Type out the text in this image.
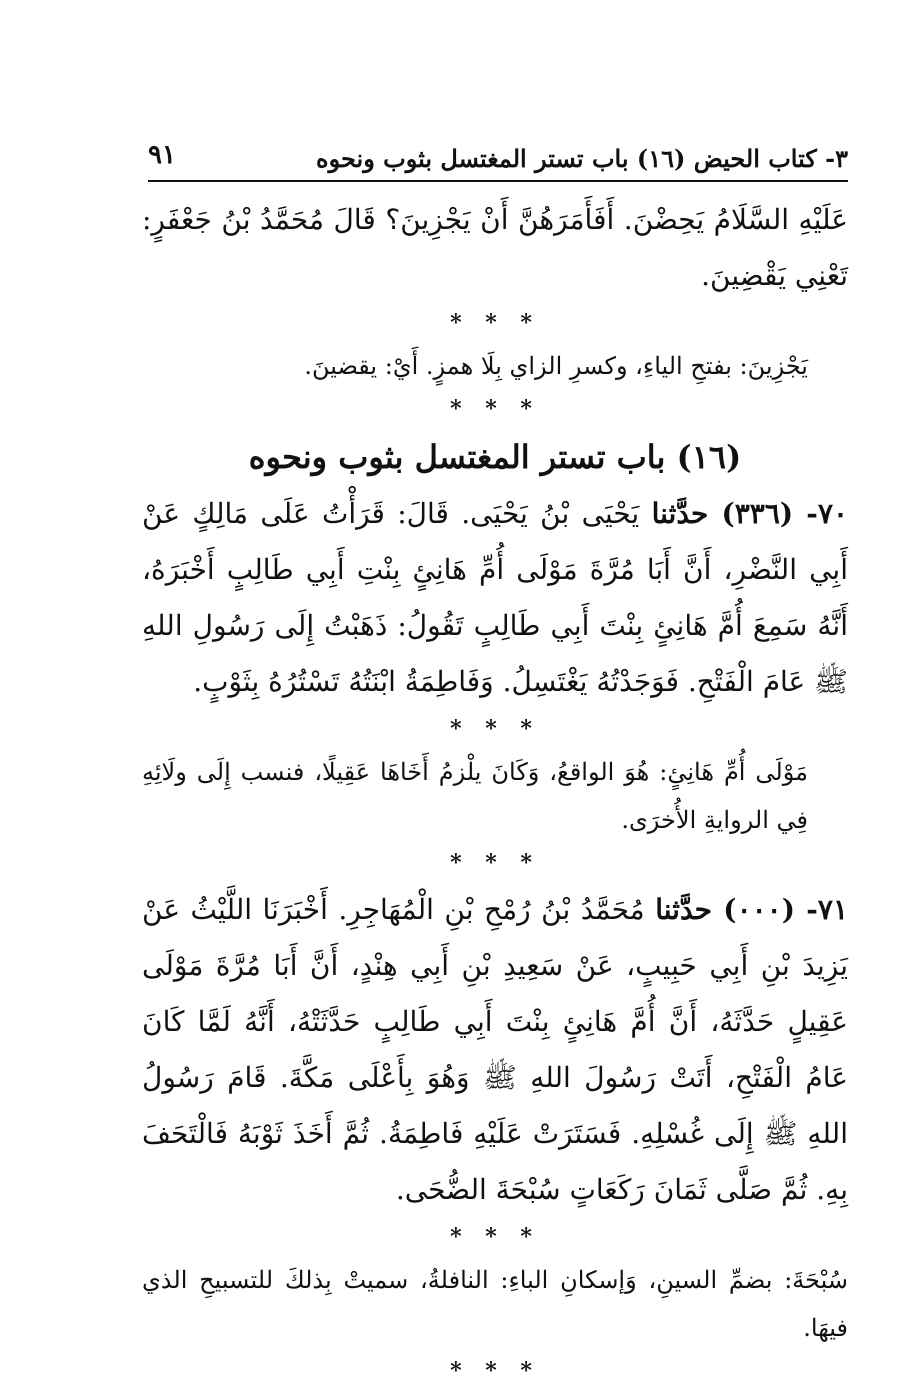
٣- كتاب الحيض (١٦) باب تستر المغتسل بثوب ونحوه
٩١

عَلَيْهِ السَّلَامُ يَحِضْنَ. أَفَأَمَرَهُنَّ أَنْ يَجْزِينَ؟ قَالَ مُحَمَّدُ بْنُ جَعْفَرٍ: تَعْنِي يَقْضِينَ.

* * *

يَجْزِينَ: بفتحِ الياءِ، وكسرِ الزاي بِلَا همزٍ. أَيْ: يقضينَ.

* * *
(١٦) باب تستر المغتسل بثوب ونحوه

٧٠- (٣٣٦) حدَّثنا يَحْيَى بْنُ يَحْيَى. قَالَ: قَرَأْتُ عَلَى مَالِكٍ عَنْ أَبِي النَّضْرِ، أَنَّ أَبَا مُرَّةَ مَوْلَى أُمِّ هَانِئٍ بِنْتِ أَبِي طَالِبٍ أَخْبَرَهُ، أَنَّهُ سَمِعَ أُمَّ هَانِئٍ بِنْتَ أَبِي طَالِبٍ تَقُولُ: ذَهَبْتُ إِلَى رَسُولِ اللهِ ﷺ عَامَ الْفَتْحِ. فَوَجَدْتُهُ يَغْتَسِلُ. وَفَاطِمَةُ ابْنَتُهُ تَسْتُرُهُ بِثَوْبٍ.

* * *

مَوْلَى أُمِّ هَانِئٍ: هُوَ الواقعُ، وَكَانَ يلْزمُ أَخَاهَا عَقِيلًا، فنسب إِلَى ولَائِهِ فِي الروايةِ الأُخرَى.

* * *

٧١- (٠٠٠) حدَّثنا مُحَمَّدُ بْنُ رُمْحِ بْنِ الْمُهَاجِرِ. أَخْبَرَنَا اللَّيْثُ عَنْ يَزِيدَ بْنِ أَبِي حَبِيبٍ، عَنْ سَعِيدِ بْنِ أَبِي هِنْدٍ، أَنَّ أَبَا مُرَّةَ مَوْلَى عَقِيلٍ حَدَّثَهُ، أَنَّ أُمَّ هَانِئٍ بِنْتَ أَبِي طَالِبٍ حَدَّثَتْهُ، أَنَّهُ لَمَّا كَانَ عَامُ الْفَتْحِ، أَتَتْ رَسُولَ اللهِ ﷺ وَهُوَ بِأَعْلَى مَكَّةَ. قَامَ رَسُولُ اللهِ ﷺ إِلَى غُسْلِهِ. فَسَتَرَتْ عَلَيْهِ فَاطِمَةُ. ثُمَّ أَخَذَ ثَوْبَهُ فَالْتَحَفَ بِهِ. ثُمَّ صَلَّى ثَمَانَ رَكَعَاتٍ سُبْحَةَ الضُّحَى.

* * *

سُبْحَةَ: بضمِّ السينِ، وَإسكانِ الباءِ: النافلةُ، سميتْ بِذلكَ للتسبيحِ الذي فيهَا.

* * *
